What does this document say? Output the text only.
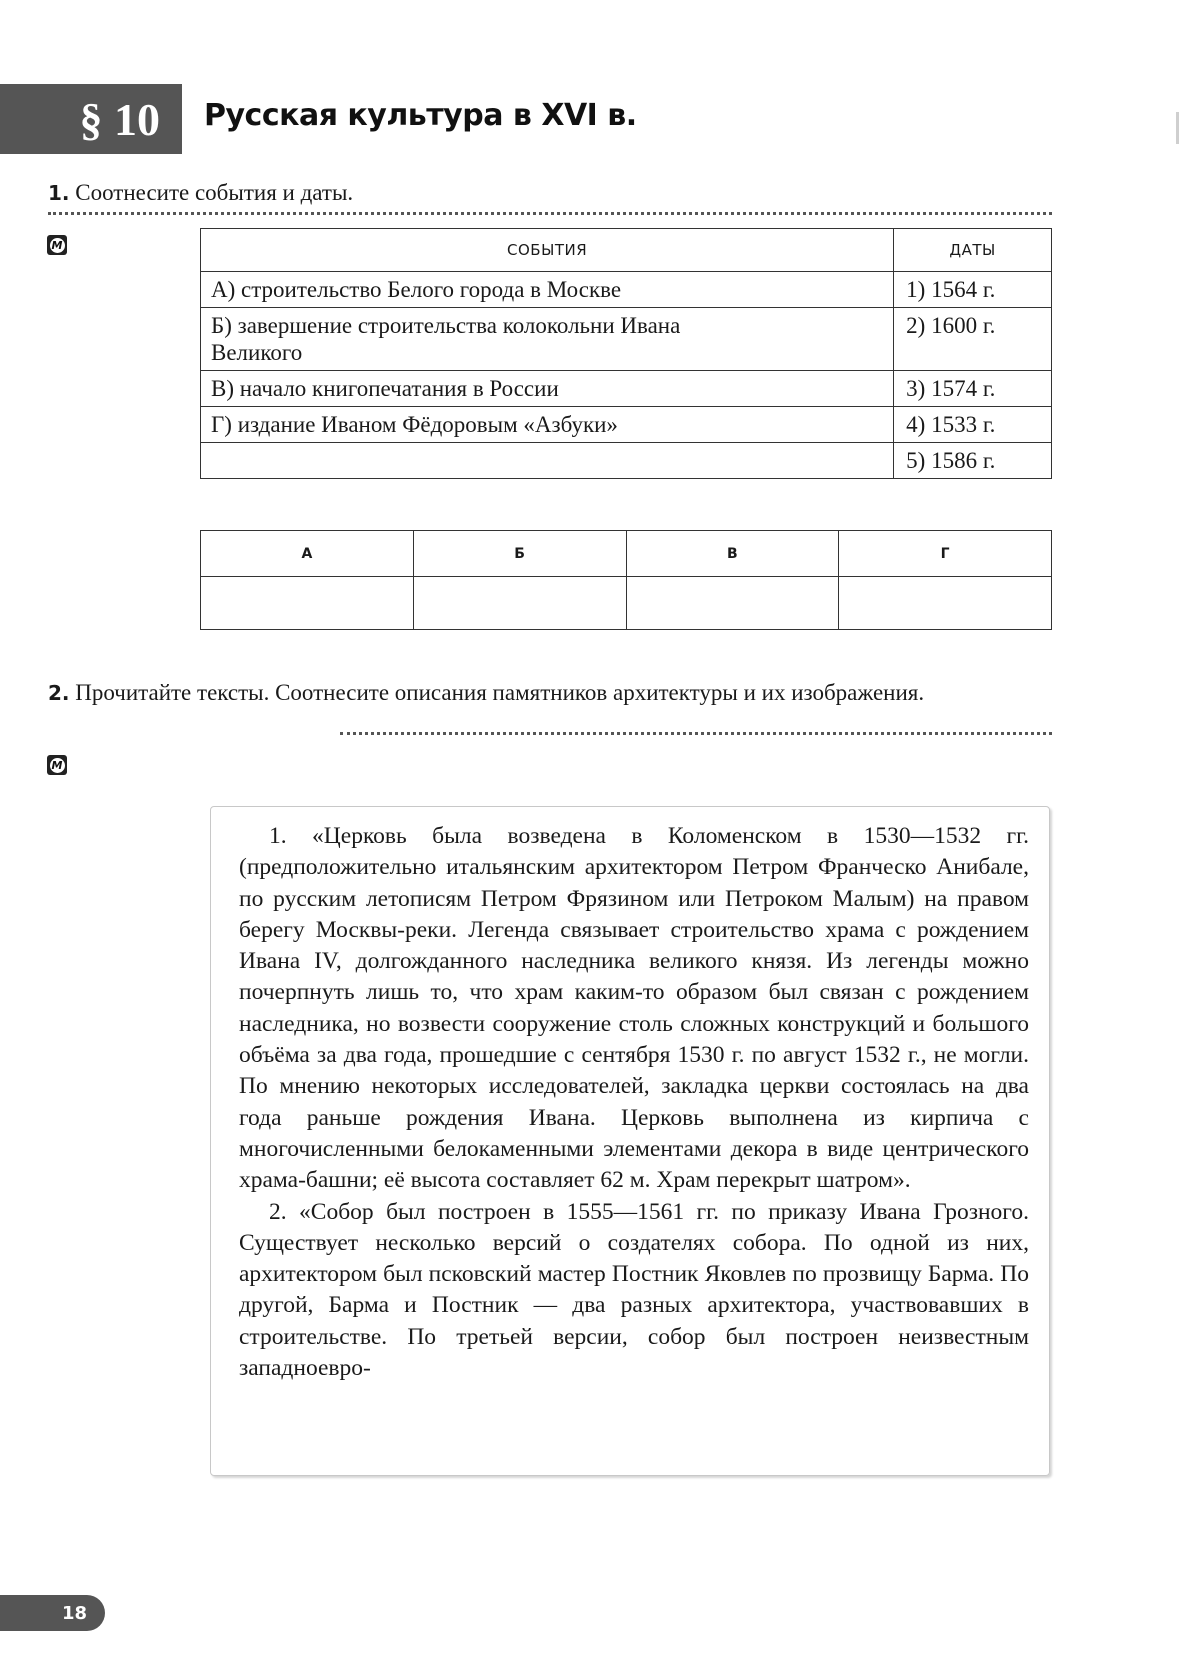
§ 10 Русская культура в XVI в.
1. Соотнесите события и даты.
M	СОБЫТИЯ	ДАТЫ
А) строительство Белого города в Москве	1) 1564 г.
Б) завершение строительства колокольни Ивана Великого	2) 1600 г.
В) начало книгопечатания в России	3) 1574 г.
Г) издание Иваном Фёдоровым «Азбуки»	4) 1533 г.
	5) 1586 г.
А	Б	В	Г

2. Прочитайте тексты. Соотнесите описания памятников архитектуры и их изображения.
M

1. «Церковь была возведена в Коломенском в 1530—1532 гг. (предположительно итальянским архитектором Петром Франческо Анибале, по русским летописям Петром Фрязином или Петроком Малым) на правом берегу Москвы-реки. Легенда связывает строительство храма с рождением Ивана IV, долгожданного наследника великого князя. Из легенды можно почерпнуть лишь то, что храм каким-то образом был связан с рождением наследника, но возвести сооружение столь сложных конструкций и большого объёма за два года, прошедшие с сентября 1530 г. по август 1532 г., не могли. По мнению некоторых исследователей, закладка церкви состоялась на два года раньше рождения Ивана. Церковь выполнена из кирпича с многочисленными белокаменными элементами декора в виде центрического храма-башни; её высота составляет 62 м. Храм перекрыт шатром».

2. «Собор был построен в 1555—1561 гг. по приказу Ивана Грозного. Существует несколько версий о создателях собора. По одной из них, архитектором был псковский мастер Постник Яковлев по прозвищу Барма. По другой, Барма и Постник — два разных архитектора, участвовавших в строительстве. По третьей версии, собор был построен неизвестным западноевро-

18
